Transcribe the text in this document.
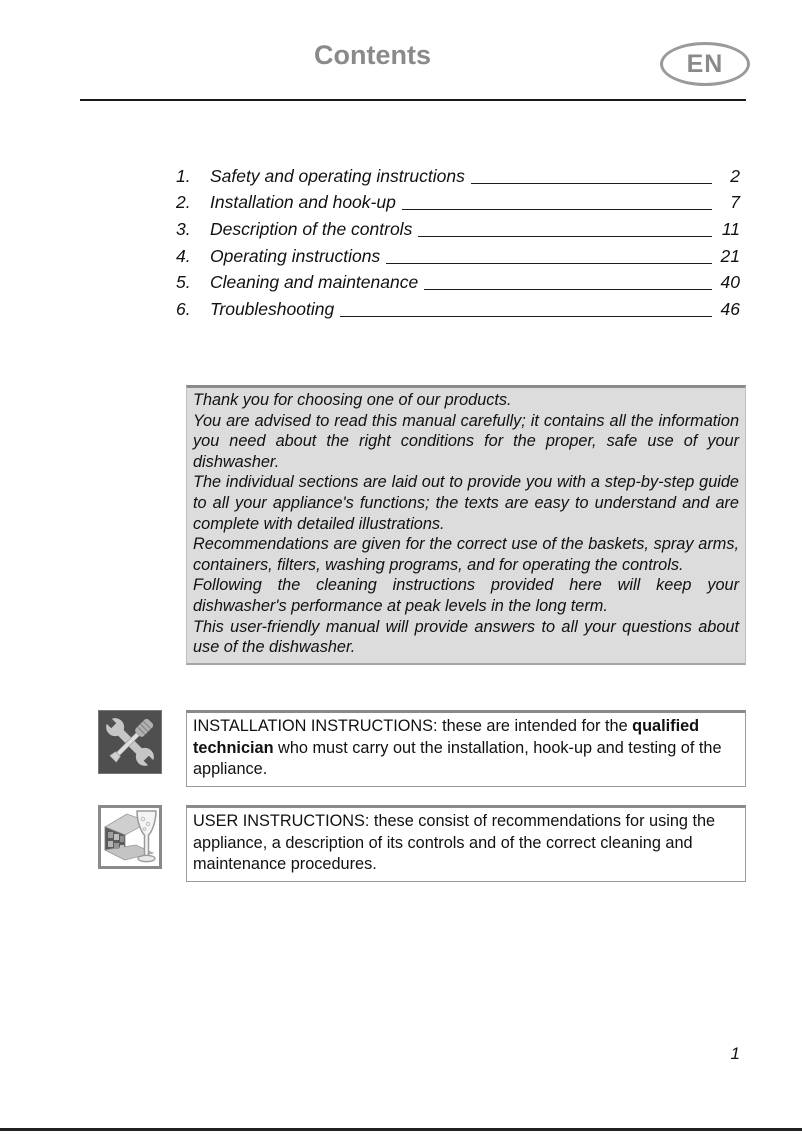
Contents	EN
1.	Safety and operating instructions	2
2.	Installation and hook-up	7
3.	Description of the controls	11
4.	Operating instructions	21
5.	Cleaning and maintenance	40
6.	Troubleshooting	46

Thank you for choosing one of our products.

You are advised to read this manual carefully; it contains all the information you need about the right conditions for the proper, safe use of your dishwasher.

The individual sections are laid out to provide you with a step-by-step guide to all your appliance's functions; the texts are easy to understand and are complete with detailed illustrations.

Recommendations are given for the correct use of the baskets, spray arms, containers, filters, washing programs, and for operating the controls.

Following the cleaning instructions provided here will keep your dishwasher's performance at peak levels in the long term.

This user-friendly manual will provide answers to all your questions about use of the dishwasher.

INSTALLATION INSTRUCTIONS: these are intended for the qualified technician who must carry out the installation, hook-up and testing of the appliance.

USER INSTRUCTIONS: these consist of recommendations for using the appliance, a description of its controls and of the correct cleaning and maintenance procedures.

1
